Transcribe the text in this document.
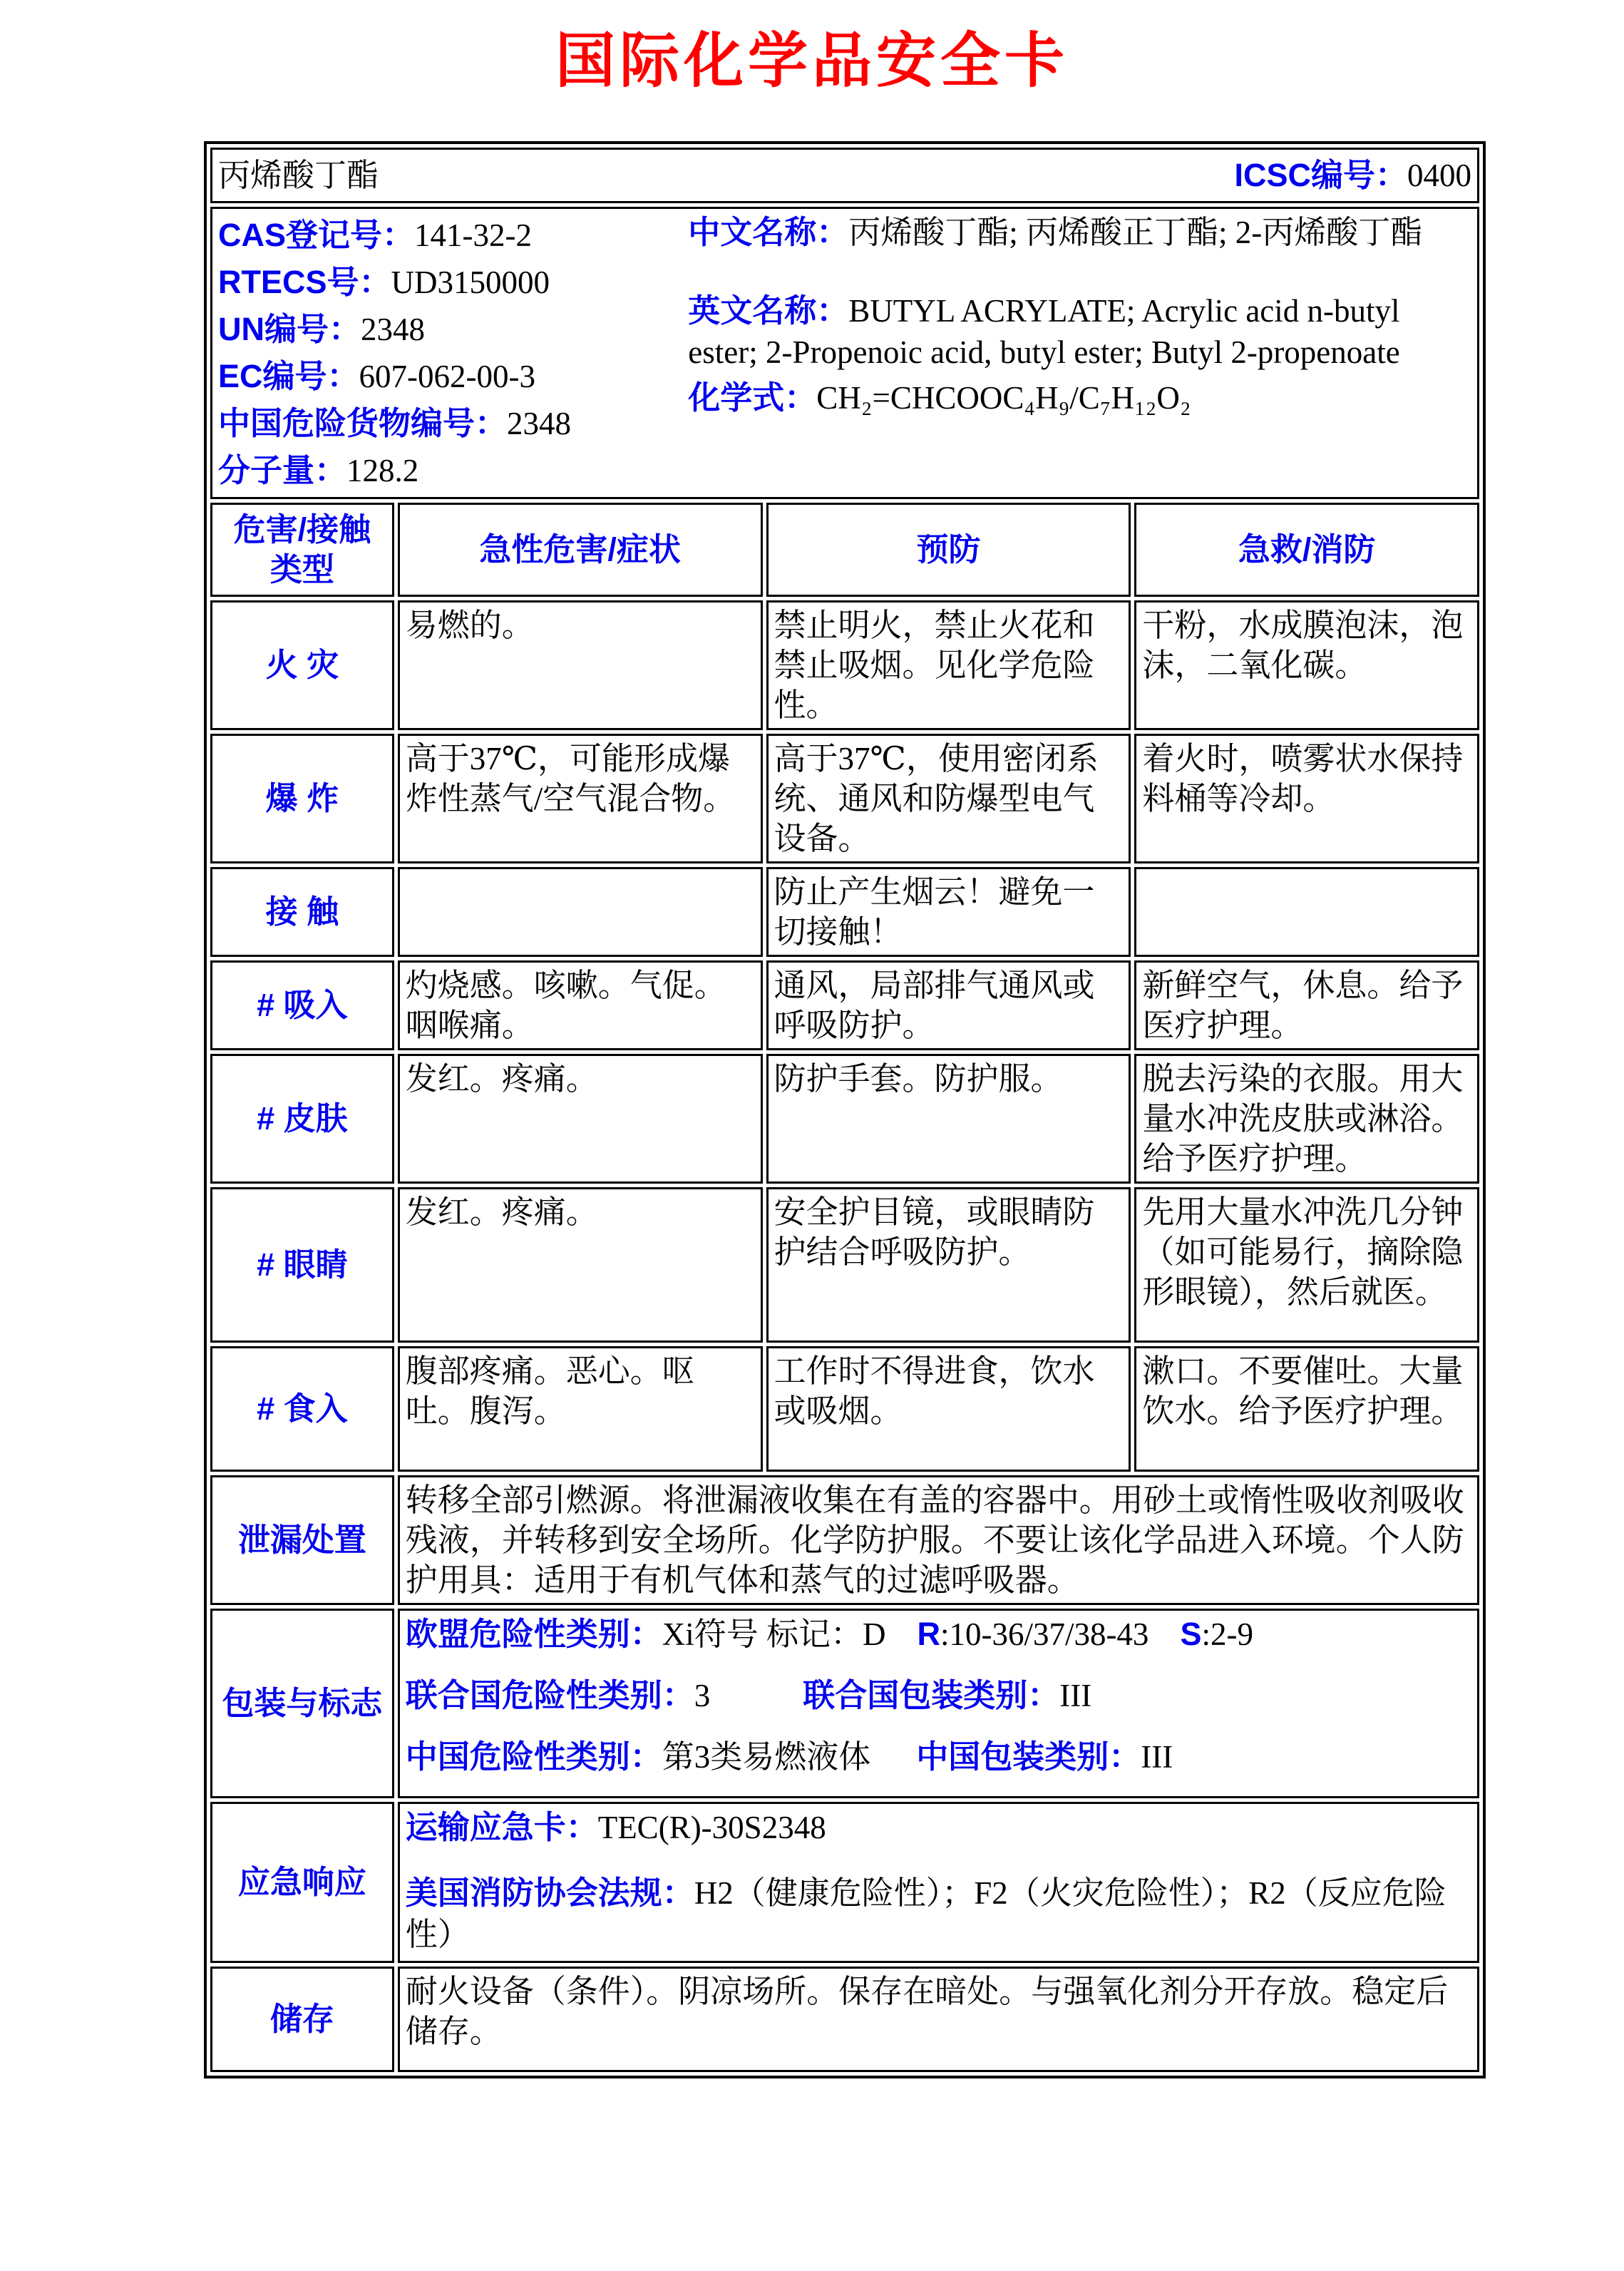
国际化学品安全卡
丙烯酸丁酯 ICSC编号：0400			

CAS登记号：141-32-2
RTECS号：UD3150000
UN编号：2348
EC编号：607-062-00-3
中国危险货物编号：2348
分子量：128.2

中文名称：丙烯酸丁酯; 丙烯酸正丁酯; 2-丙烯酸丁酯

英文名称：BUTYL ACRYLATE; Acrylic acid n-butyl ester; 2-Propenoic acid, butyl ester; Butyl 2-propenoate

化学式：CH₂=CHCOOC₄H₉/C₇H₁₂O₂

危害/接触类型	急性危害/症状	预防	急救/消防
火 灾	易燃的。	禁止明火，禁止火花和禁止吸烟。见化学危险性。	干粉，水成膜泡沫，泡沫，二氧化碳。
爆 炸	高于37℃，可能形成爆炸性蒸气/空气混合物。	高于37℃，使用密闭系统、通风和防爆型电气设备。	着火时，喷雾状水保持料桶等冷却。
接 触		防止产生烟云！避免一切接触！	
# 吸入	灼烧感。咳嗽。气促。咽喉痛。	通风，局部排气通风或呼吸防护。	新鲜空气，休息。给予医疗护理。
# 皮肤	发红。疼痛。	防护手套。防护服。	脱去污染的衣服。用大量水冲洗皮肤或淋浴。给予医疗护理。
# 眼睛	发红。疼痛。	安全护目镜，或眼睛防护结合呼吸防护。	先用大量水冲洗几分钟（如可能易行，摘除隐形眼镜），然后就医。
# 食入	腹部疼痛。恶心。呕吐。腹泻。	工作时不得进食，饮水或吸烟。	漱口。不要催吐。大量饮水。给予医疗护理。
泄漏处置	转移全部引燃源。将泄漏液收集在有盖的容器中。用砂土或惰性吸收剂吸收残液，并转移到安全场所。化学防护服。不要让该化学品进入环境。个人防护用具：适用于有机气体和蒸气的过滤呼吸器。		
包装与标志	欧盟危险性类别：Xi符号 标记：D R:10-36/37/38-43 S:2-9
联合国危险性类别：3 联合国包装类别：III
中国危险性类别：第3类易燃液体 中国包装类别：III		

应急响应	运输应急卡：TEC(R)-30S2348
美国消防协会法规：H2（健康危险性）；F2（火灾危险性）；R2（反应危险性）		

储存	耐火设备（条件）。阴凉场所。保存在暗处。与强氧化剂分开存放。稳定后储存。		
